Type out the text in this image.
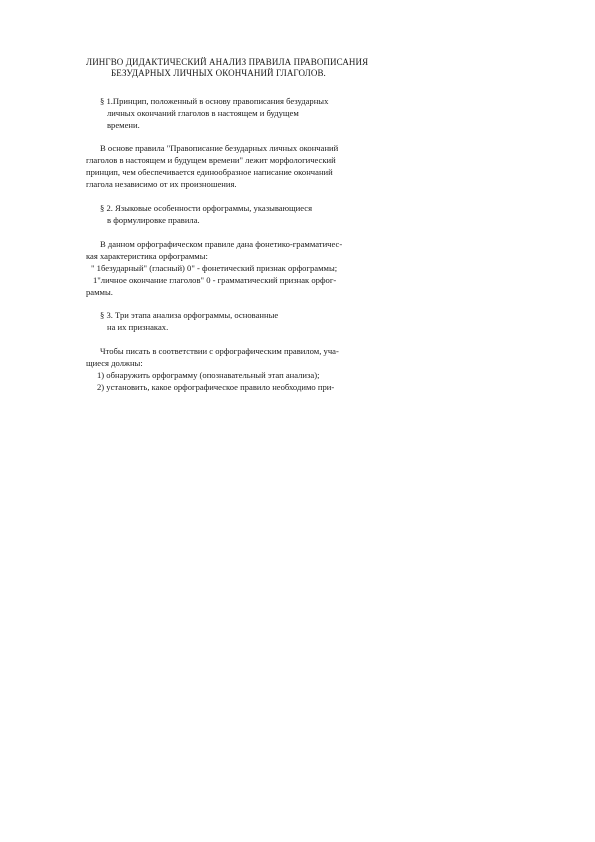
ЛИНГВО ДИДАКТИЧЕСКИЙ АНАЛИЗ ПРАВИЛА ПРАВОПИСАНИЯ
БЕЗУДАРНЫХ ЛИЧНЫХ ОКОНЧАНИЙ ГЛАГОЛОВ.
§ 1.Принцип, положенный в основу правописания безударных
личных окончаний глаголов в настоящем и будущем
времени.
В основе правила "Правописание безударных личных окончаний
глаголов в настоящем и будущем времени" лежит морфологический
принцип, чем обеспечивается единообразное написание окончаний
глагола независимо от их произношения.
§ 2. Языковые особенности орфограммы, указывающиеся
в формулировке правила.
В данном орфографическом правиле дана фонетико-грамматичес-
кая характеристика орфограммы:
" 1безударный" (гласный) 0" - фонетический признак орфограммы;
1"личное окончание глаголов" 0 - грамматический признак орфог-
раммы.
§ 3. Три этапа анализа орфограммы, основанные
на их признаках.
Чтобы писать в соответствии с орфографическим правилом, уча-
щиеся должны:
1) обнаружить орфограмму (опознавательный этап анализа);
2) установить, какое орфографическое правило необходимо при-
